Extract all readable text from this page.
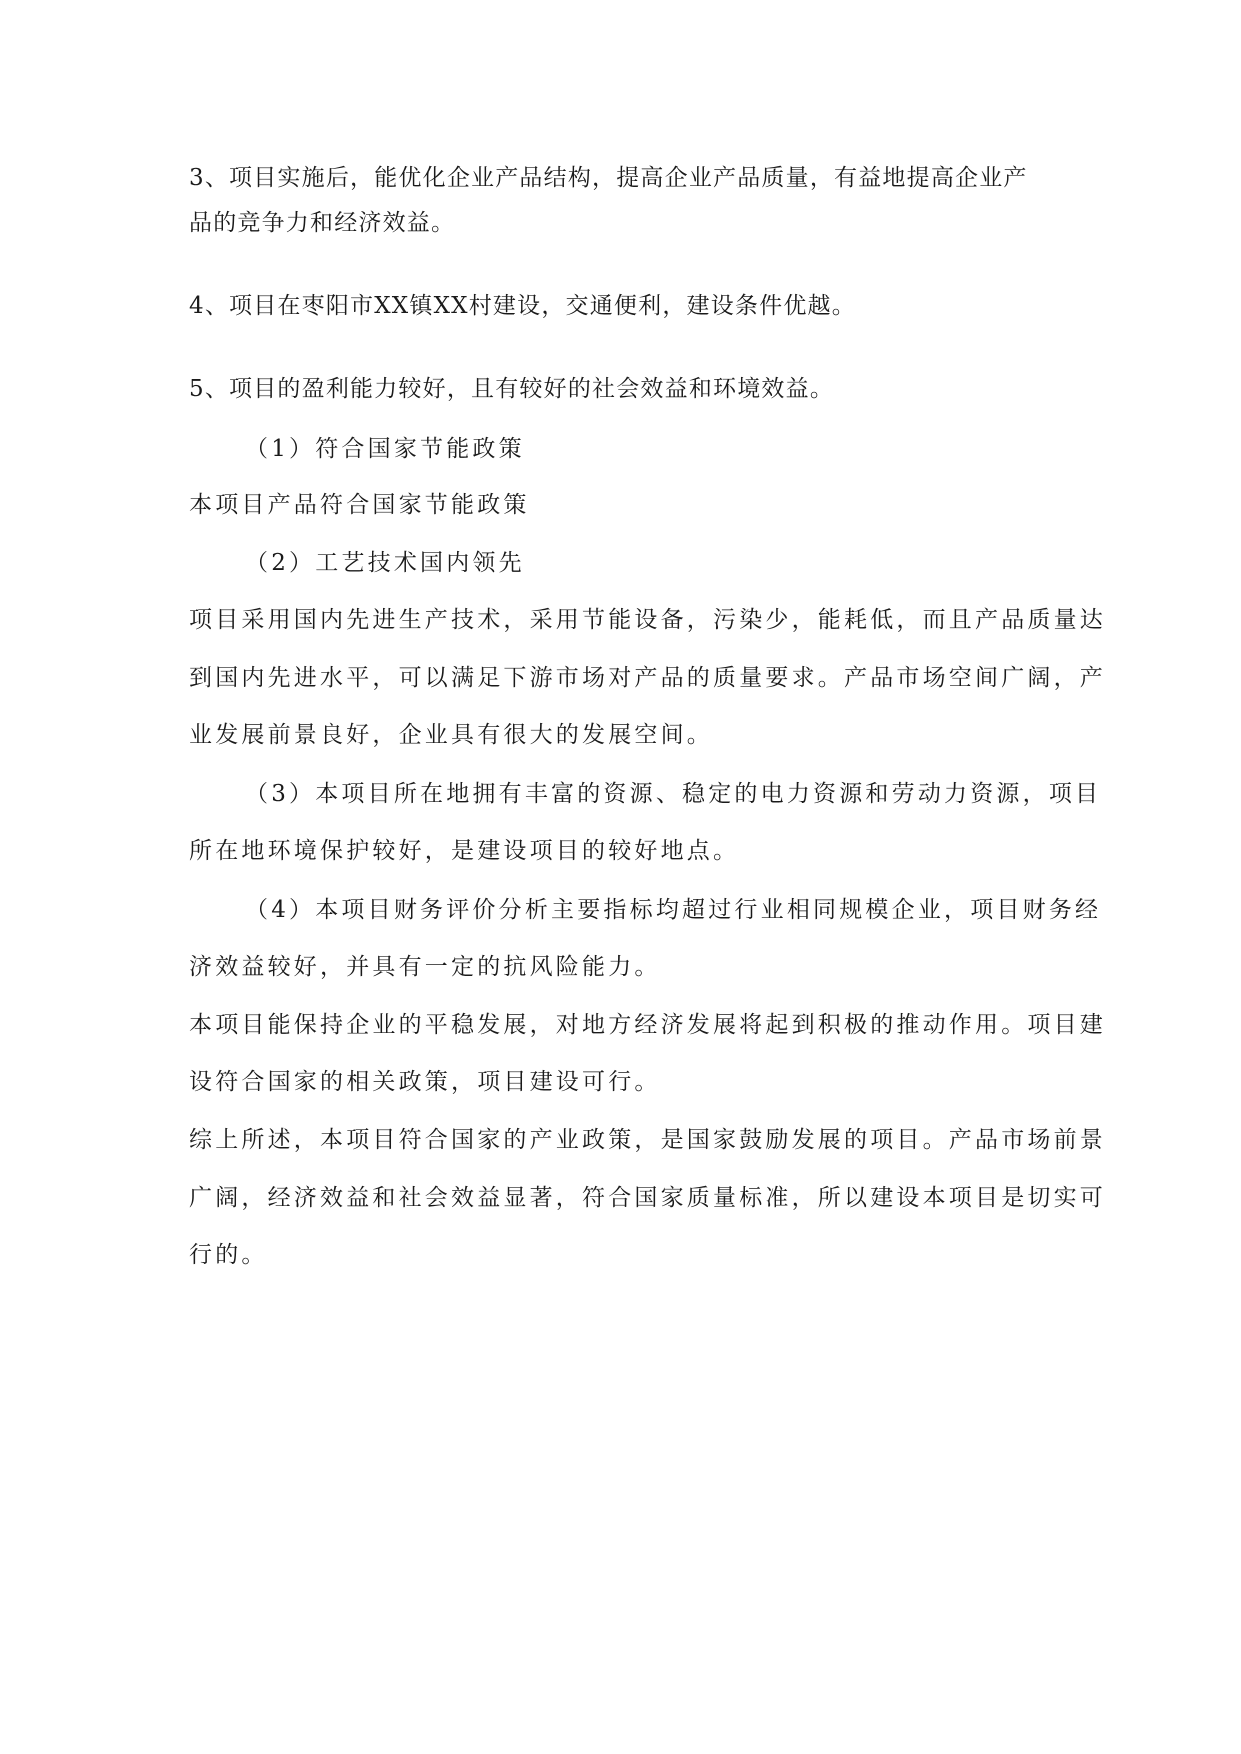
3、项目实施后，能优化企业产品结构，提高企业产品质量，有益地提高企业产
品的竞争力和经济效益。
4、项目在枣阳市XX镇XX村建设，交通便利，建设条件优越。
5、项目的盈利能力较好，且有较好的社会效益和环境效益。
（1）符合国家节能政策
本项目产品符合国家节能政策
（2）工艺技术国内领先
项目采用国内先进生产技术，采用节能设备，污染少，能耗低，而且产品质量达
到国内先进水平，可以满足下游市场对产品的质量要求。产品市场空间广阔，产
业发展前景良好，企业具有很大的发展空间。
（3）本项目所在地拥有丰富的资源、稳定的电力资源和劳动力资源，项目
所在地环境保护较好，是建设项目的较好地点。
（4）本项目财务评价分析主要指标均超过行业相同规模企业，项目财务经
济效益较好，并具有一定的抗风险能力。
本项目能保持企业的平稳发展，对地方经济发展将起到积极的推动作用。项目建
设符合国家的相关政策，项目建设可行。
综上所述，本项目符合国家的产业政策，是国家鼓励发展的项目。产品市场前景
广阔，经济效益和社会效益显著，符合国家质量标准，所以建设本项目是切实可
行的。
